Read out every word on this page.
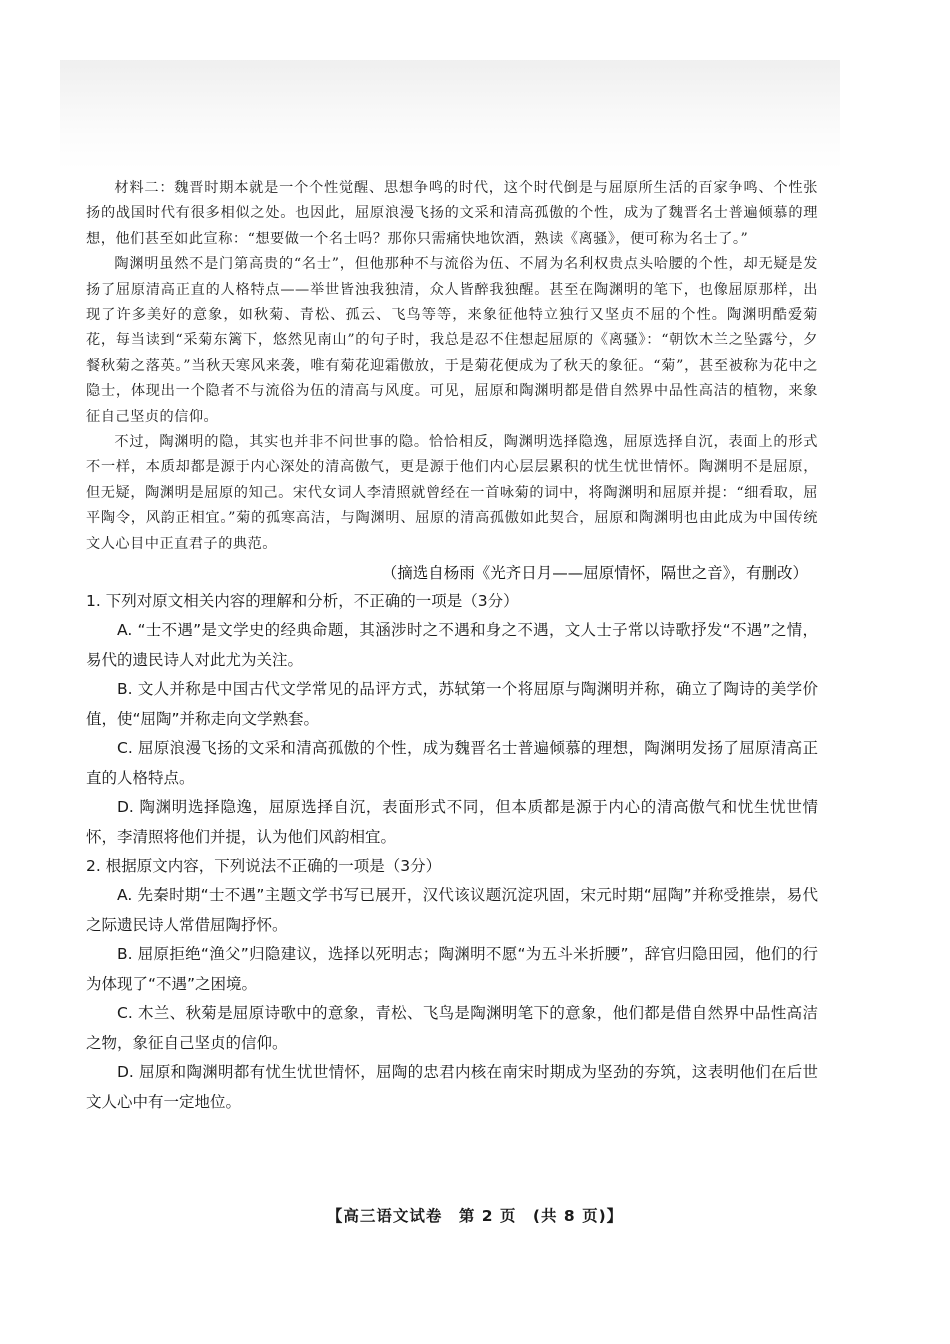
材料二：魏晋时期本就是一个个性觉醒、思想争鸣的时代，这个时代倒是与屈原所生活的百家争鸣、个性张扬的战国时代有很多相似之处。也因此，屈原浪漫飞扬的文采和清高孤傲的个性，成为了魏晋名士普遍倾慕的理想，他们甚至如此宣称：“想要做一个名士吗？那你只需痛快地饮酒，熟读《离骚》，便可称为名士了。”

陶渊明虽然不是门第高贵的“名士”，但他那种不与流俗为伍、不屑为名利权贵点头哈腰的个性，却无疑是发扬了屈原清高正直的人格特点——举世皆浊我独清，众人皆醉我独醒。甚至在陶渊明的笔下，也像屈原那样，出现了许多美好的意象，如秋菊、青松、孤云、飞鸟等等，来象征他特立独行又坚贞不屈的个性。陶渊明酷爱菊花，每当读到“采菊东篱下，悠然见南山”的句子时，我总是忍不住想起屈原的《离骚》：“朝饮木兰之坠露兮，夕餐秋菊之落英。”当秋天寒风来袭，唯有菊花迎霜傲放，于是菊花便成为了秋天的象征。“菊”，甚至被称为花中之隐士，体现出一个隐者不与流俗为伍的清高与风度。可见，屈原和陶渊明都是借自然界中品性高洁的植物，来象征自己坚贞的信仰。

不过，陶渊明的隐，其实也并非不问世事的隐。恰恰相反，陶渊明选择隐逸，屈原选择自沉，表面上的形式不一样，本质却都是源于内心深处的清高傲气，更是源于他们内心层层累积的忧生忧世情怀。陶渊明不是屈原，但无疑，陶渊明是屈原的知己。宋代女词人李清照就曾经在一首咏菊的词中，将陶渊明和屈原并提：“细看取，屈平陶令，风韵正相宜。”菊的孤寒高洁，与陶渊明、屈原的清高孤傲如此契合，屈原和陶渊明也由此成为中国传统文人心目中正直君子的典范。

（摘选自杨雨《光齐日月——屈原情怀，隔世之音》，有删改）

1. 下列对原文相关内容的理解和分析，不正确的一项是（3分）

A. “士不遇”是文学史的经典命题，其涵涉时之不遇和身之不遇，文人士子常以诗歌抒发“不遇”之情，易代的遗民诗人对此尤为关注。

B. 文人并称是中国古代文学常见的品评方式，苏轼第一个将屈原与陶渊明并称，确立了陶诗的美学价值，使“屈陶”并称走向文学熟套。

C. 屈原浪漫飞扬的文采和清高孤傲的个性，成为魏晋名士普遍倾慕的理想，陶渊明发扬了屈原清高正直的人格特点。

D. 陶渊明选择隐逸，屈原选择自沉，表面形式不同，但本质都是源于内心的清高傲气和忧生忧世情怀，李清照将他们并提，认为他们风韵相宜。

2. 根据原文内容，下列说法不正确的一项是（3分）

A. 先秦时期“士不遇”主题文学书写已展开，汉代该议题沉淀巩固，宋元时期“屈陶”并称受推崇，易代之际遗民诗人常借屈陶抒怀。

B. 屈原拒绝“渔父”归隐建议，选择以死明志；陶渊明不愿“为五斗米折腰”，辞官归隐田园，他们的行为体现了“不遇”之困境。

C. 木兰、秋菊是屈原诗歌中的意象，青松、飞鸟是陶渊明笔下的意象，他们都是借自然界中品性高洁之物，象征自己坚贞的信仰。

D. 屈原和陶渊明都有忧生忧世情怀，屈陶的忠君内核在南宋时期成为坚劲的夯筑，这表明他们在后世文人心中有一定地位。

【高三语文试卷　第 2 页　(共 8 页)】
